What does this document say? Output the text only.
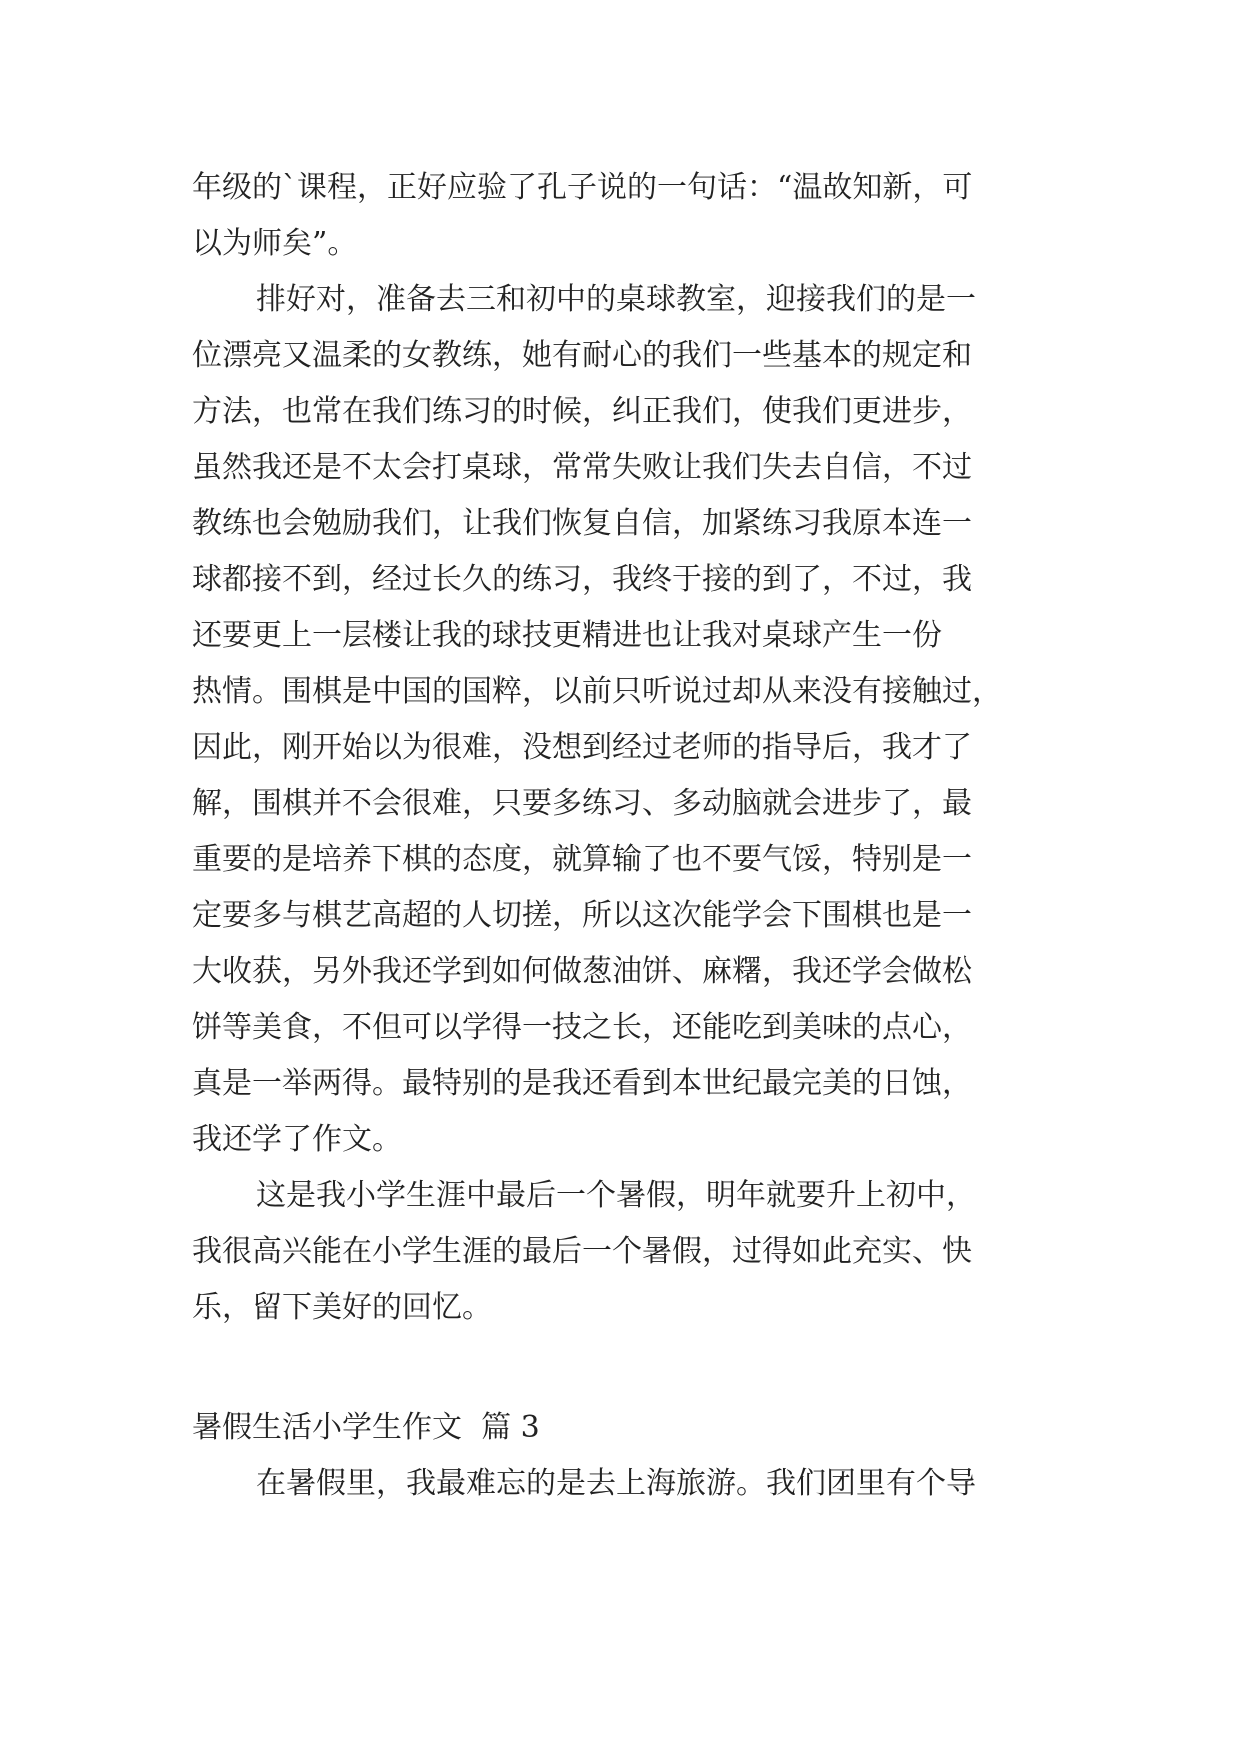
年级的`课程，正好应验了孔子说的一句话：“温故知新，可
以为师矣”。
排好对，准备去三和初中的桌球教室，迎接我们的是一
位漂亮又温柔的女教练，她有耐心的我们一些基本的规定和
方法，也常在我们练习的时候，纠正我们，使我们更进步，
虽然我还是不太会打桌球，常常失败让我们失去自信，不过
教练也会勉励我们，让我们恢复自信，加紧练习我原本连一
球都接不到，经过长久的练习，我终于接的到了，不过，我
还要更上一层楼让我的球技更精进也让我对桌球产生一份
热情。围棋是中国的国粹，以前只听说过却从来没有接触过，
因此，刚开始以为很难，没想到经过老师的指导后，我才了
解，围棋并不会很难，只要多练习、多动脑就会进步了，最
重要的是培养下棋的态度，就算输了也不要气馁，特别是一
定要多与棋艺高超的人切搓，所以这次能学会下围棋也是一
大收获，另外我还学到如何做葱油饼、麻糬，我还学会做松
饼等美食，不但可以学得一技之长，还能吃到美味的点心，
真是一举两得。最特别的是我还看到本世纪最完美的日蚀，
我还学了作文。
这是我小学生涯中最后一个暑假，明年就要升上初中，
我很高兴能在小学生涯的最后一个暑假，过得如此充实、快
乐，留下美好的回忆。
暑假生活小学生作文  篇 3
在暑假里，我最难忘的是去上海旅游。我们团里有个导
